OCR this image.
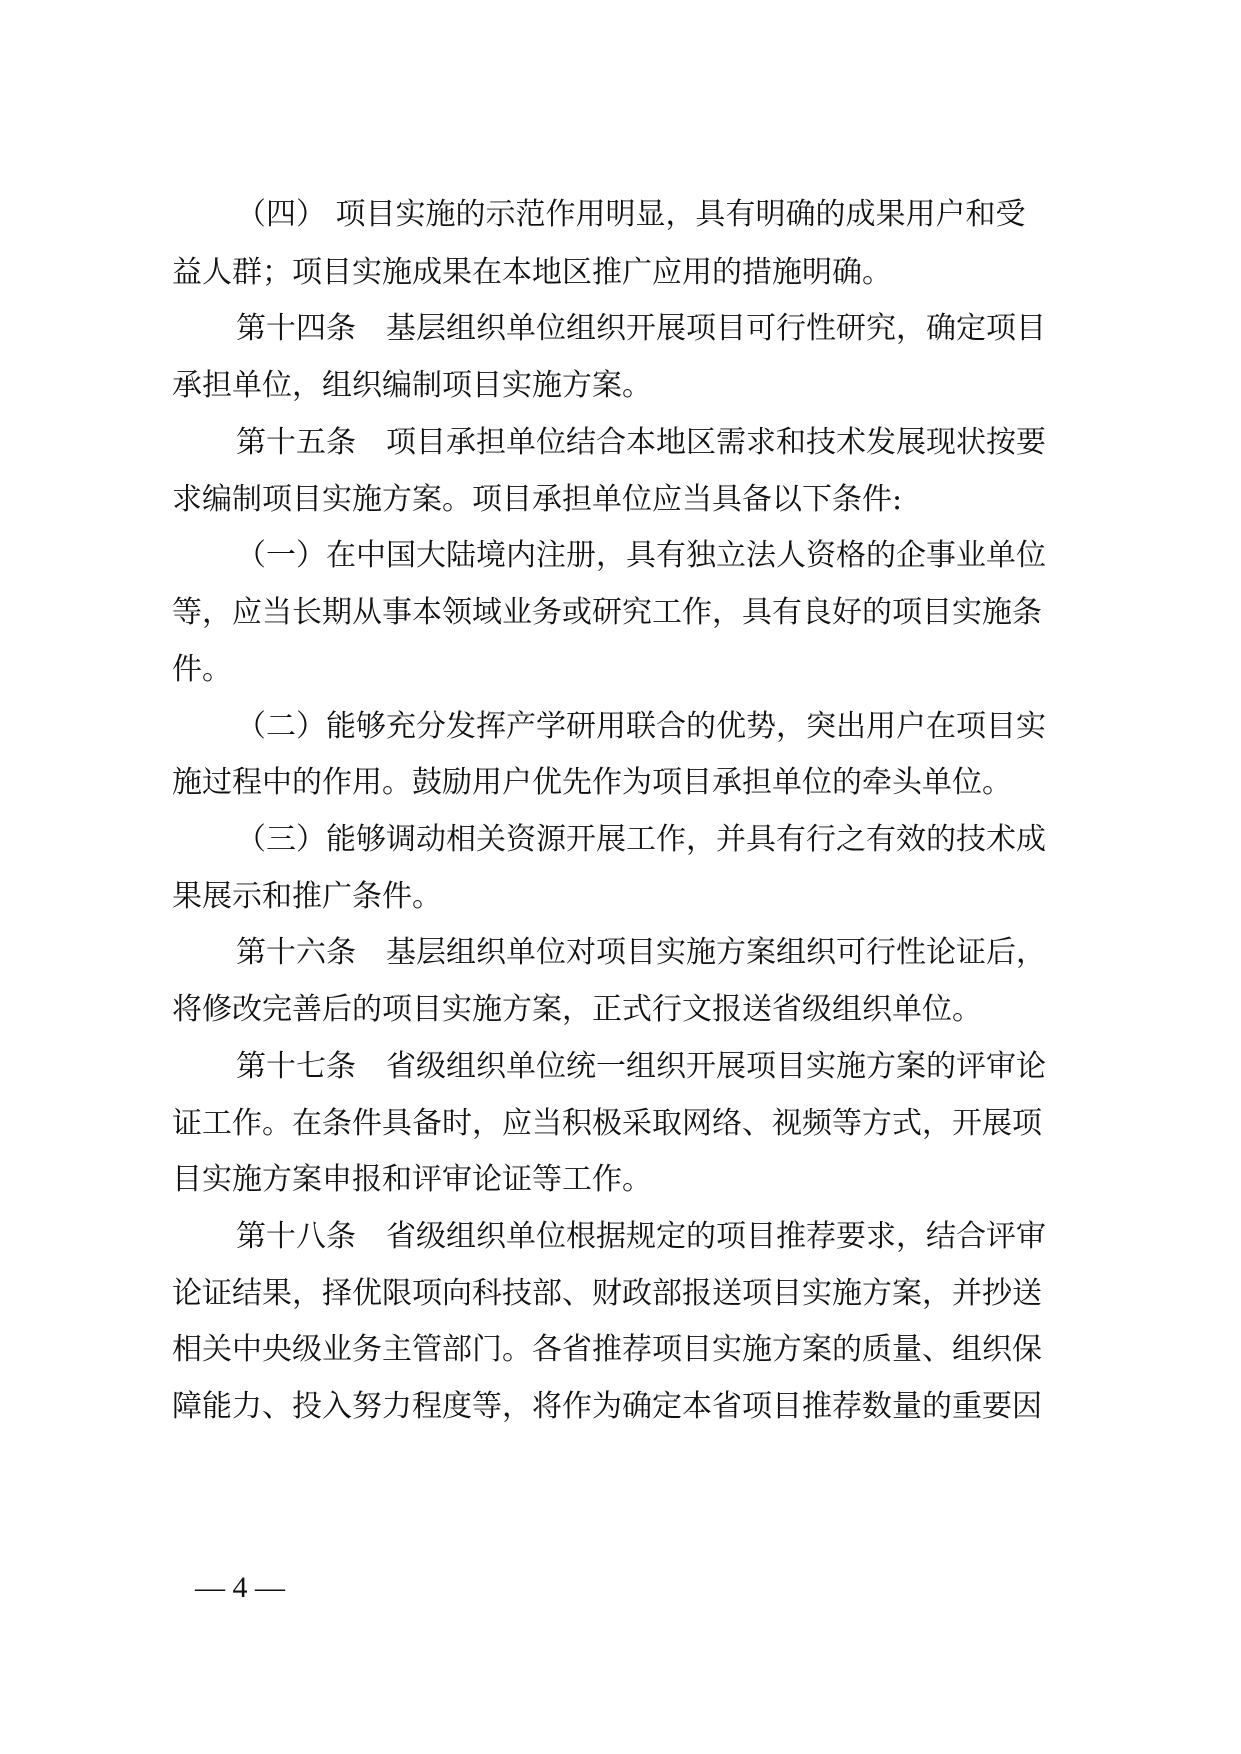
（四） 项目实施的示范作用明显，具有明确的成果用户和受
益人群；项目实施成果在本地区推广应用的措施明确。
第十四条　基层组织单位组织开展项目可行性研究，确定项目
承担单位，组织编制项目实施方案。
第十五条　项目承担单位结合本地区需求和技术发展现状按要
求编制项目实施方案。项目承担单位应当具备以下条件:
（一）在中国大陆境内注册，具有独立法人资格的企事业单位
等，应当长期从事本领域业务或研究工作，具有良好的项目实施条
件。
（二）能够充分发挥产学研用联合的优势，突出用户在项目实
施过程中的作用。鼓励用户优先作为项目承担单位的牵头单位。
（三）能够调动相关资源开展工作，并具有行之有效的技术成
果展示和推广条件。
第十六条　基层组织单位对项目实施方案组织可行性论证后，
将修改完善后的项目实施方案，正式行文报送省级组织单位。
第十七条　省级组织单位统一组织开展项目实施方案的评审论
证工作。在条件具备时，应当积极采取网络、视频等方式，开展项
目实施方案申报和评审论证等工作。
第十八条　省级组织单位根据规定的项目推荐要求，结合评审
论证结果，择优限项向科技部、财政部报送项目实施方案，并抄送
相关中央级业务主管部门。各省推荐项目实施方案的质量、组织保
障能力、投入努力程度等，将作为确定本省项目推荐数量的重要因
— 4 —
